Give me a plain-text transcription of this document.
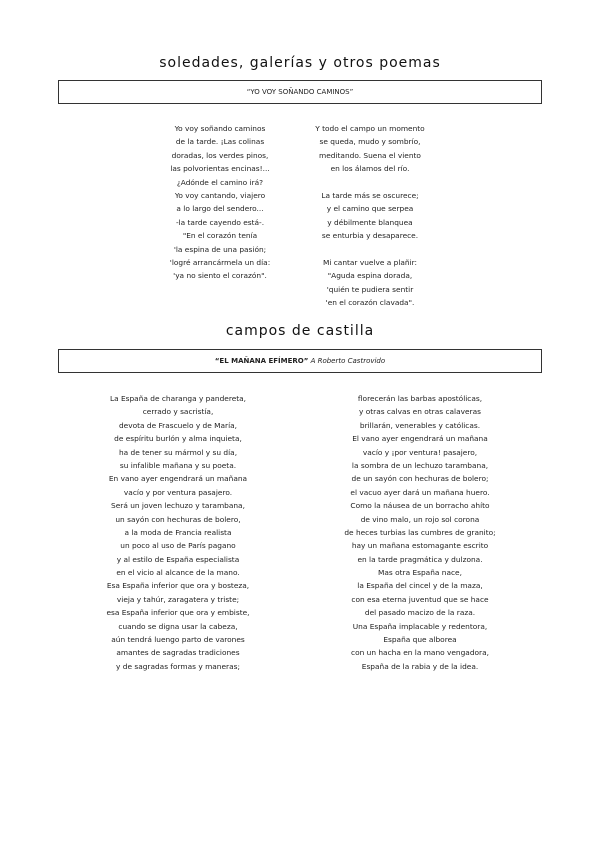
soledades, galerías y otros poemas
“YO VOY SOÑANDO CAMINOS”
Yo voy soñando caminos
de la tarde. ¡Las colinas
doradas, los verdes pinos,
las polvorientas encinas!...
¿Adónde el camino irá?
Yo voy cantando, viajero
a lo largo del sendero...
-la tarde cayendo está-.
"En el corazón tenía
'la espina de una pasión;
'logré arrancármela un día:
'ya no siento el corazón".
Y todo el campo un momento
se queda, mudo y sombrío,
meditando. Suena el viento
en los álamos del río.
La tarde más se oscurece;
y el camino que serpea
y débilmente blanquea
se enturbia y desaparece.
Mi cantar vuelve a plañir:
"Aguda espina dorada,
'quién te pudiera sentir
'en el corazón clavada".
campos de castilla
“EL MAÑANA EFÍMERO” A Roberto Castrovido
La España de charanga y pandereta,
cerrado y sacristía,
devota de Frascuelo y de María,
de espíritu burlón y alma inquieta,
ha de tener su mármol y su día,
su infalible mañana y su poeta.
En vano ayer engendrará un mañana
vacío y por ventura pasajero.
Será un joven lechuzo y tarambana,
un sayón con hechuras de bolero,
a la moda de Francia realista
un poco al uso de París pagano
y al estilo de España especialista
en el vicio al alcance de la mano.
Esa España inferior que ora y bosteza,
vieja y tahúr, zaragatera y triste;
esa España inferior que ora y embiste,
cuando se digna usar la cabeza,
aún tendrá luengo parto de varones
amantes de sagradas tradiciones
y de sagradas formas y maneras;
florecerán las barbas apostólicas,
y otras calvas en otras calaveras
brillarán, venerables y católicas.
El vano ayer engendrará un mañana
vacío y ¡por ventura! pasajero,
la sombra de un lechuzo tarambana,
de un sayón con hechuras de bolero;
el vacuo ayer dará un mañana huero.
Como la náusea de un borracho ahíto
de vino malo, un rojo sol corona
de heces turbias las cumbres de granito;
hay un mañana estomagante escrito
en la tarde pragmática y dulzona.
Mas otra España nace,
la España del cincel y de la maza,
con esa eterna juventud que se hace
del pasado macizo de la raza.
Una España implacable y redentora,
España que alborea
con un hacha en la mano vengadora,
España de la rabia y de la idea.
